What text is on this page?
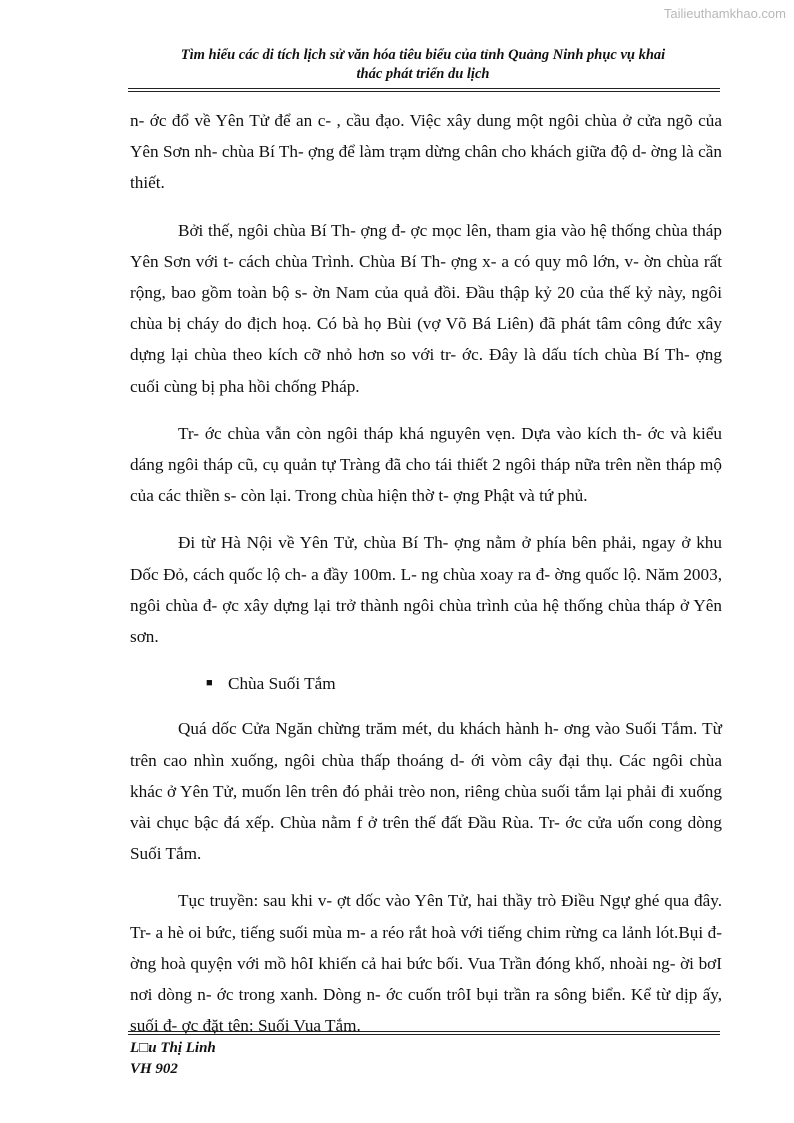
Tailieuthamkhao.com
Tìm hiểu các di tích lịch sử văn hóa tiêu biểu của tỉnh Quảng Ninh phục vụ khai
thác phát triển du lịch

n- ớc đổ về Yên Tử để an c- , cầu đạo. Việc xây dung một ngôi chùa ở cửa ngõ của Yên Sơn nh- chùa Bí Th- ợng để làm trạm dừng chân cho khách giữa độ d- ờng là cần thiết.

Bởi thế, ngôi chùa Bí Th- ợng đ- ợc mọc lên, tham gia vào hệ thống chùa tháp Yên Sơn với t- cách chùa Trình. Chùa Bí Th- ợng x- a có quy mô lớn, v- ờn chùa rất rộng, bao gồm toàn bộ s- ờn Nam của quả đồi. Đầu thập kỷ 20 của thế kỷ này, ngôi chùa bị cháy do địch hoạ. Có bà họ Bùi (vợ Võ Bá Liên) đã phát tâm công đức xây dựng lại chùa theo kích cỡ nhỏ hơn so với tr- ớc. Đây là dấu tích chùa Bí Th- ợng cuối cùng bị pha hồi chống Pháp.

Tr- ớc chùa vẫn còn ngôi tháp khá nguyên vẹn. Dựa vào kích th- ớc và kiểu dáng ngôi tháp cũ, cụ quản tự Tràng đã cho tái thiết 2 ngôi tháp nữa trên nền tháp mộ của các thiền s- còn lại. Trong chùa hiện thờ t- ợng Phật và tứ phủ.

Đi từ Hà Nội về Yên Tử, chùa Bí Th- ợng nằm ở phía bên phải, ngay ở khu Dốc Đỏ, cách quốc lộ ch- a đầy 100m. L- ng chùa xoay ra đ- ờng quốc lộ. Năm 2003, ngôi chùa đ- ợc xây dựng lại trở thành ngôi chùa trình của hệ thống chùa tháp ở Yên sơn.

■ Chùa Suối Tắm

Quá dốc Cửa Ngăn chừng trăm mét, du khách hành h- ơng vào Suối Tắm. Từ trên cao nhìn xuống, ngôi chùa thấp thoáng d- ới vòm cây đại thụ. Các ngôi chùa khác ở Yên Tử, muốn lên trên đó phải trèo non, riêng chùa suối tắm lại phải đi xuống vài chục bậc đá xếp. Chùa nằm f ở trên thế đất Đầu Rùa. Tr- ớc cửa uốn cong dòng Suối Tắm.

Tục truyền: sau khi v- ợt dốc vào Yên Tử, hai thầy trò Điều Ngự ghé qua đây. Tr- a hè oi bức, tiếng suối mùa m- a réo rắt hoà với tiếng chim rừng ca lảnh lót.Bụi đ- ờng hoà quyện với mồ hôI khiến cả hai bức bối. Vua Trần đóng khố, nhoài ng- ời bơI nơi dòng n- ớc trong xanh. Dòng n- ớc cuốn trôI bụi trần ra sông biển. Kể từ dịp ấy, suối đ- ợc đặt tên: Suối Vua Tắm.

L□u Thị Linh
VH 902
